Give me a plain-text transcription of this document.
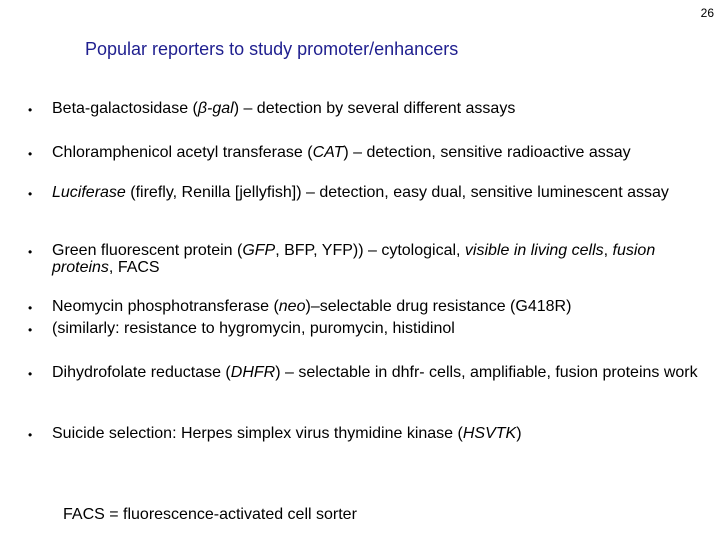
26
Popular reporters to study promoter/enhancers
• Beta-galactosidase (β-gal) – detection by several different assays
• Chloramphenicol acetyl transferase (CAT) – detection, sensitive radioactive assay
• Luciferase (firefly, Renilla [jellyfish]) – detection, easy dual, sensitive luminescent assay
• Green fluorescent protein (GFP, BFP, YFP)) – cytological, visible in living cells, fusion proteins, FACS
• Neomycin phosphotransferase (neo)–selectable drug resistance (G418R)
• (similarly: resistance to hygromycin, puromycin, histidinol
• Dihydrofolate reductase (DHFR) – selectable in dhfr- cells, amplifiable, fusion proteins work
• Suicide selection: Herpes simplex virus thymidine kinase (HSVTK)
FACS = fluorescence-activated cell sorter
